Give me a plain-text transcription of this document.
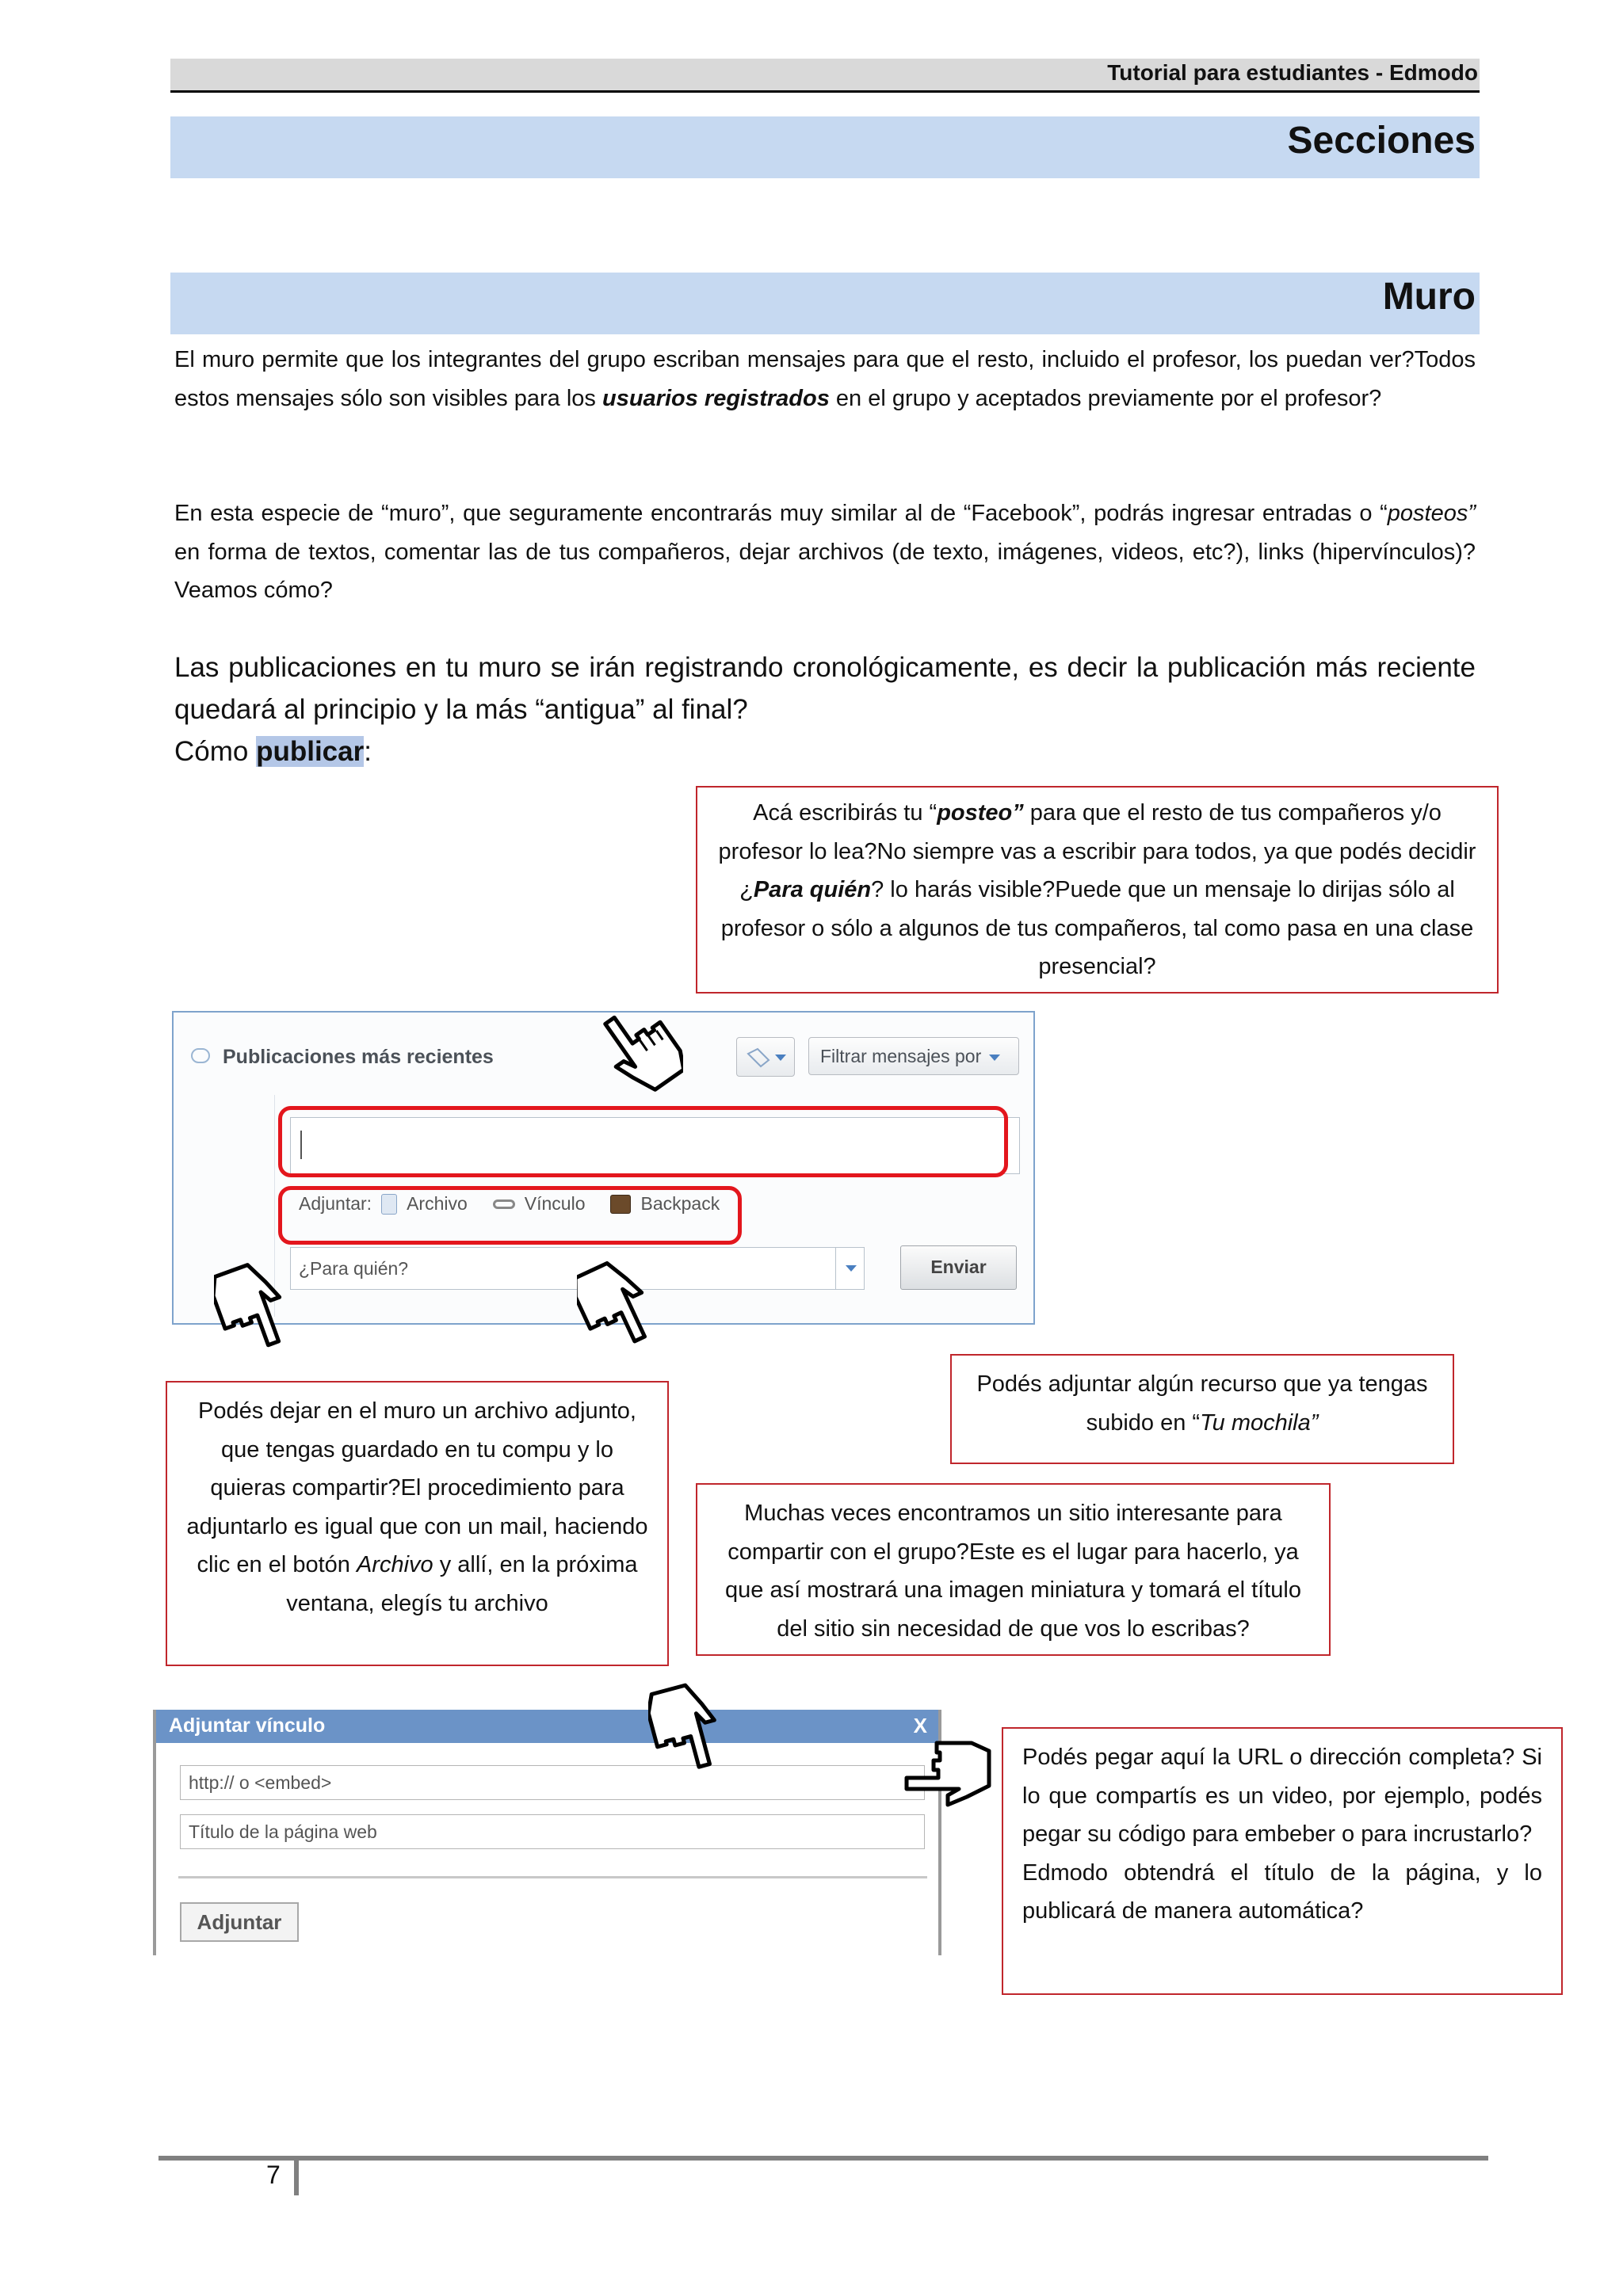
Tutorial para estudiantes - Edmodo
Secciones
Muro
El muro permite que los integrantes del grupo escriban mensajes para que el resto, incluido el profesor, los puedan ver?Todos estos mensajes sólo son visibles para los usuarios registrados en el grupo y aceptados previamente por el profesor?
En esta especie de “muro”, que seguramente encontrarás muy similar al de “Facebook”, podrás ingresar entradas o “posteos” en forma de textos, comentar las de tus compañeros, dejar archivos (de texto, imágenes, videos, etc?), links (hipervínculos)?Veamos cómo?
Las publicaciones en tu muro se irán registrando cronológicamente, es decir la publicación más reciente quedará al principio y la más “antigua” al final?
Cómo publicar:
Acá escribirás tu “posteo” para que el resto de tus compañeros y/o profesor lo lea?No siempre vas a escribir para todos, ya que podés decidir ¿Para quién? lo harás visible?Puede que un mensaje lo dirijas sólo al profesor o sólo a algunos de tus compañeros, tal como pasa en una clase presencial?
Publicaciones más recientes	Filtrar mensajes por
Adjuntar: Archivo	Vínculo	Backpack
¿Para quién?	Enviar
Podés adjuntar algún recurso que ya tengas subido en “Tu mochila”
Podés dejar en el muro un archivo adjunto, que tengas guardado en tu compu y lo quieras compartir?El procedimiento para adjuntarlo es igual que con un mail, haciendo clic en el botón Archivo y allí, en la próxima ventana, elegís tu archivo
Muchas veces encontramos un sitio interesante para compartir con el grupo?Este es el lugar para hacerlo, ya que así mostrará una imagen miniatura y tomará el título del sitio sin necesidad de que vos lo escribas?
Adjuntar vínculo	X
http:// o <embed>
Título de la página web
Adjuntar
Podés pegar aquí la URL o dirección completa? Si lo que compartís es un video, por ejemplo, podés pegar su código para embeber o para incrustarlo?
Edmodo obtendrá el título de la página, y lo publicará de manera automática?
7
